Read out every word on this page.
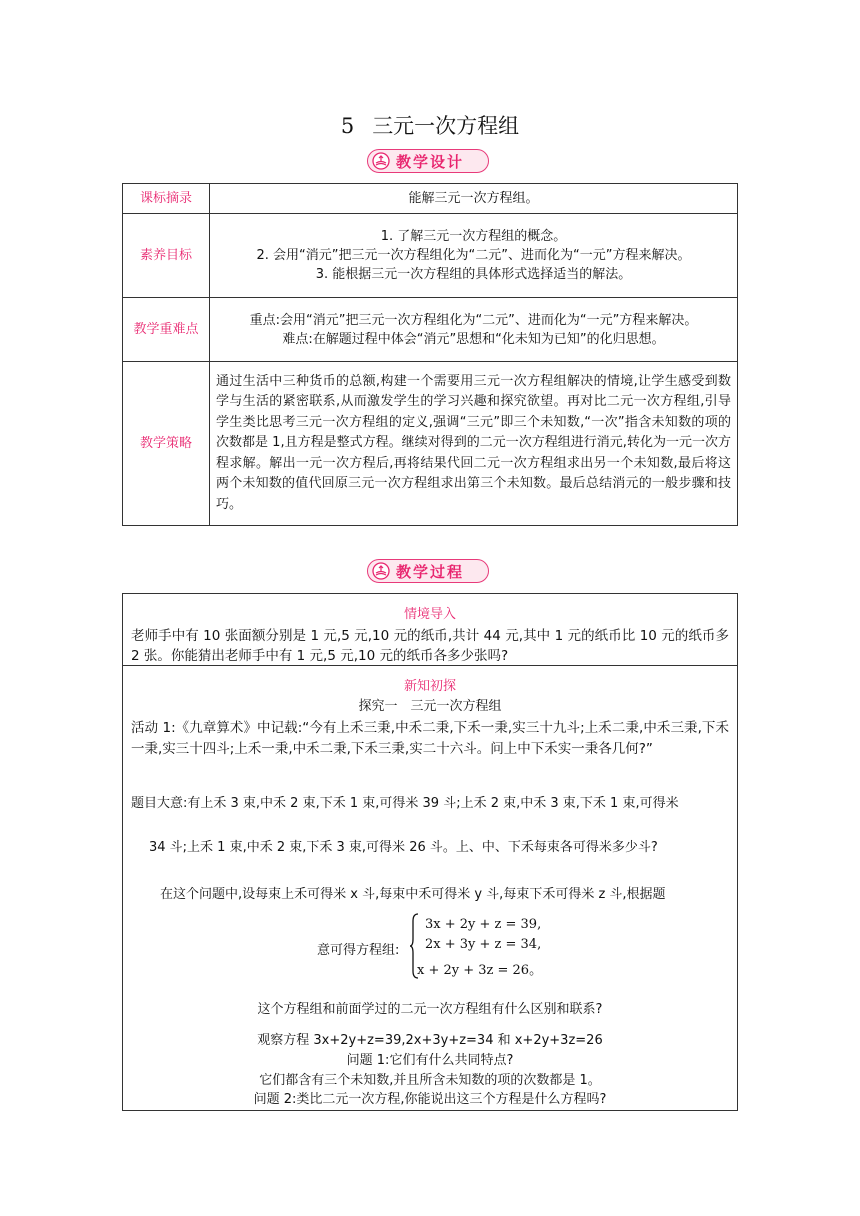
5 三元一次方程组
教学设计
课标摘录	能解三元一次方程组。
素养目标	1. 了解三元一次方程组的概念。
2. 会用“消元”把三元一次方程组化为“二元”、进而化为“一元”方程来解决。
3. 能根据三元一次方程组的具体形式选择适当的解法。

教学重难点	重点:会用“消元”把三元一次方程组化为“二元”、进而化为“一元”方程来解决。
难点:在解题过程中体会“消元”思想和“化未知为已知”的化归思想。

教学策略	通过生活中三种货币的总额,构建一个需要用三元一次方程组解决的情境,让学生感受到数学与生活的紧密联系,从而激发学生的学习兴趣和探究欲望。再对比二元一次方程组,引导学生类比思考三元一次方程组的定义,强调“三元”即三个未知数,“一次”指含未知数的项的次数都是 1,且方程是整式方程。继续对得到的二元一次方程组进行消元,转化为一元一次方程求解。解出一元一次方程后,再将结果代回二元一次方程组求出另一个未知数,最后将这两个未知数的值代回原三元一次方程组求出第三个未知数。最后总结消元的一般步骤和技巧。
教学过程
情境导入
老师手中有 10 张面额分别是 1 元,5 元,10 元的纸币,共计 44 元,其中 1 元的纸币比 10 元的纸币多 2 张。你能猜出老师手中有 1 元,5 元,10 元的纸币各多少张吗?
新知初探
探究一　三元一次方程组
活动 1:《九章算术》中记载:“今有上禾三秉,中禾二秉,下禾一秉,实三十九斗;上禾二秉,中禾三秉,下禾一秉,实三十四斗;上禾一秉,中禾二秉,下禾三秉,实二十六斗。问上中下禾实一秉各几何?”
题目大意:有上禾 3 束,中禾 2 束,下禾 1 束,可得米 39 斗;上禾 2 束,中禾 3 束,下禾 1 束,可得米
34 斗;上禾 1 束,中禾 2 束,下禾 3 束,可得米 26 斗。上、中、下禾每束各可得米多少斗?
在这个问题中,设每束上禾可得米 x 斗,每束中禾可得米 y 斗,每束下禾可得米 z 斗,根据题
意可得方程组:
3x + 2y + z = 39,
2x + 3y + z = 34,
x + 2y + 3z = 26。
这个方程组和前面学过的二元一次方程组有什么区别和联系?
观察方程 3x+2y+z=39,2x+3y+z=34 和 x+2y+3z=26
问题 1:它们有什么共同特点?
它们都含有三个未知数,并且所含未知数的项的次数都是 1。
问题 2:类比二元一次方程,你能说出这三个方程是什么方程吗?
